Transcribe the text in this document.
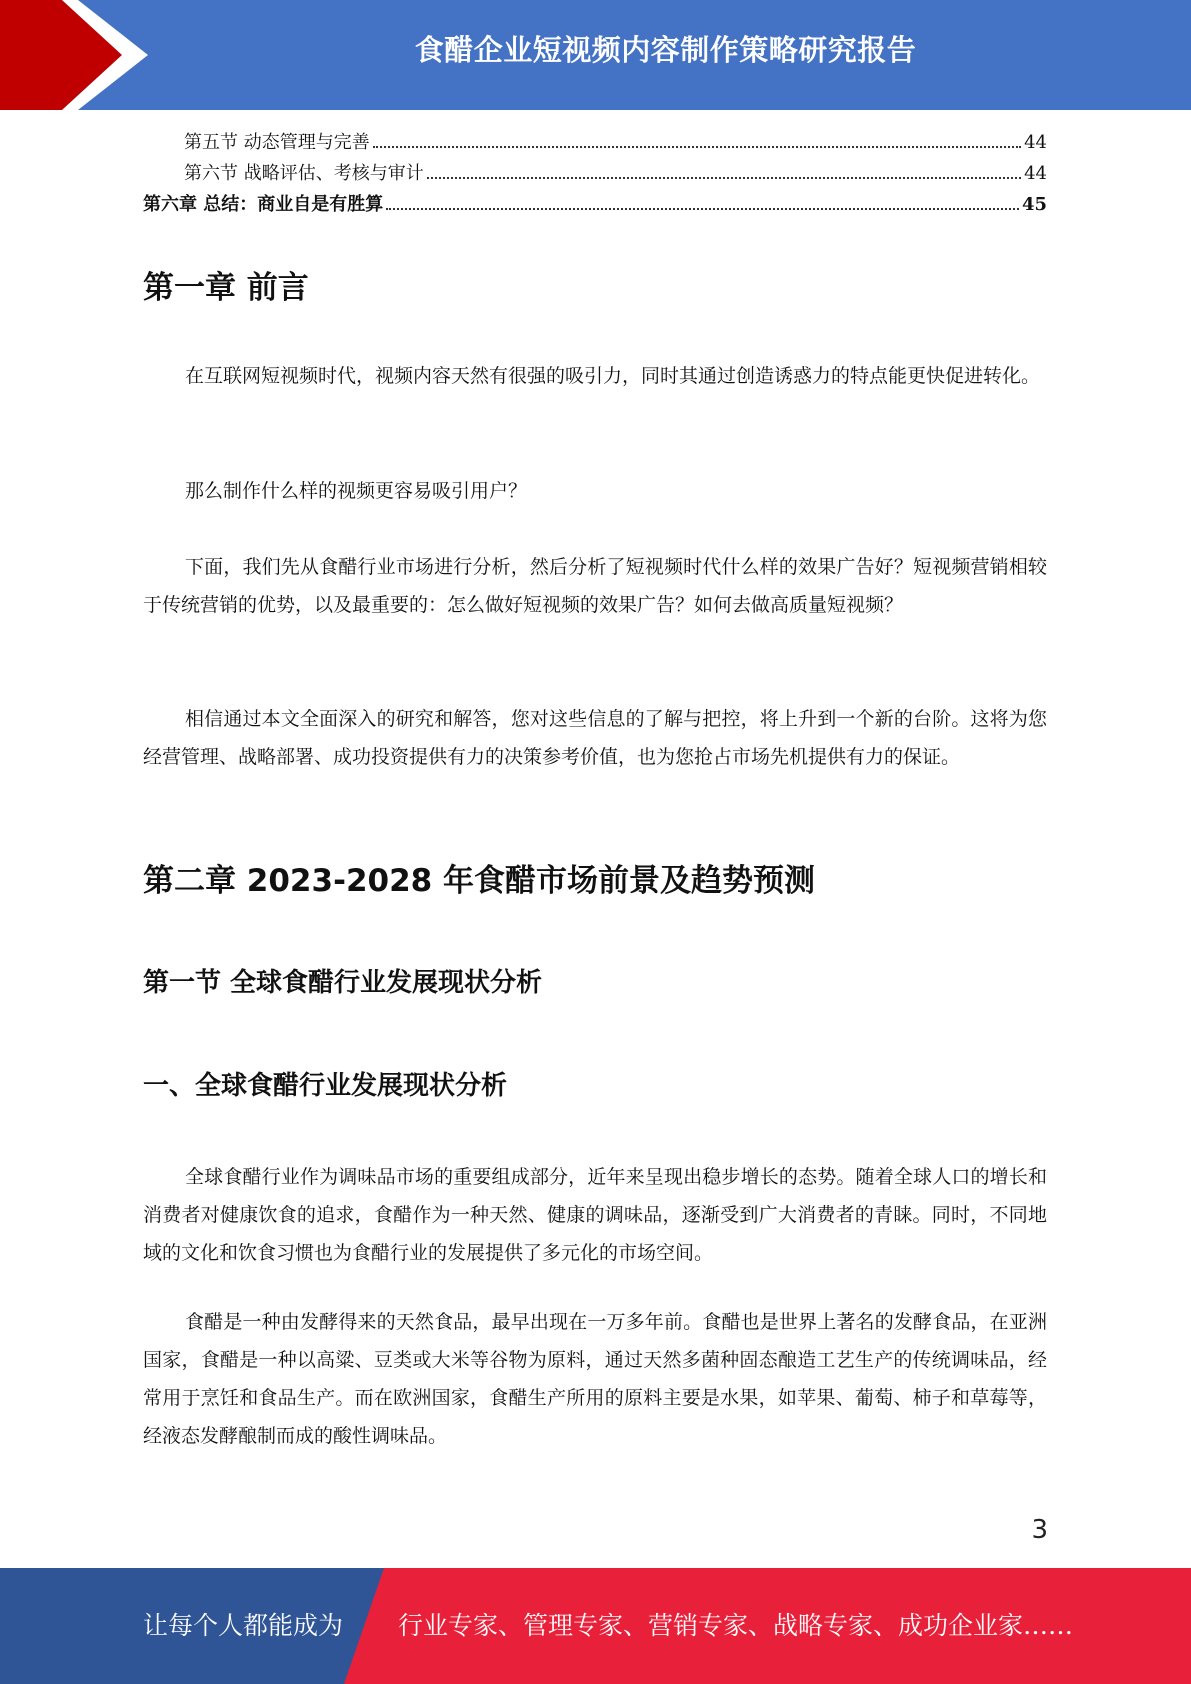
食醋企业短视频内容制作策略研究报告
第五节 动态管理与完善	44
第六节 战略评估、考核与审计	44
第六章 总结：商业自是有胜算	45
第一章 前言

在互联网短视频时代，视频内容天然有很强的吸引力，同时其通过创造诱惑力的特点能更快促进转化。

那么制作什么样的视频更容易吸引用户？

下面，我们先从食醋行业市场进行分析，然后分析了短视频时代什么样的效果广告好？短视频营销相较于传统营销的优势，以及最重要的：怎么做好短视频的效果广告？如何去做高质量短视频？

相信通过本文全面深入的研究和解答，您对这些信息的了解与把控，将上升到一个新的台阶。这将为您经营管理、战略部署、成功投资提供有力的决策参考价值，也为您抢占市场先机提供有力的保证。

第二章 2023-2028 年食醋市场前景及趋势预测
第一节 全球食醋行业发展现状分析
一、全球食醋行业发展现状分析

全球食醋行业作为调味品市场的重要组成部分，近年来呈现出稳步增长的态势。随着全球人口的增长和消费者对健康饮食的追求，食醋作为一种天然、健康的调味品，逐渐受到广大消费者的青睐。同时，不同地域的文化和饮食习惯也为食醋行业的发展提供了多元化的市场空间。

食醋是一种由发酵得来的天然食品，最早出现在一万多年前。食醋也是世界上著名的发酵食品，在亚洲国家，食醋是一种以高粱、豆类或大米等谷物为原料，通过天然多菌种固态酿造工艺生产的传统调味品，经常用于烹饪和食品生产。而在欧洲国家，食醋生产所用的原料主要是水果，如苹果、葡萄、柿子和草莓等，经液态发酵酿制而成的酸性调味品。

3
让每个人都能成为 行业专家、管理专家、营销专家、战略专家、成功企业家……
